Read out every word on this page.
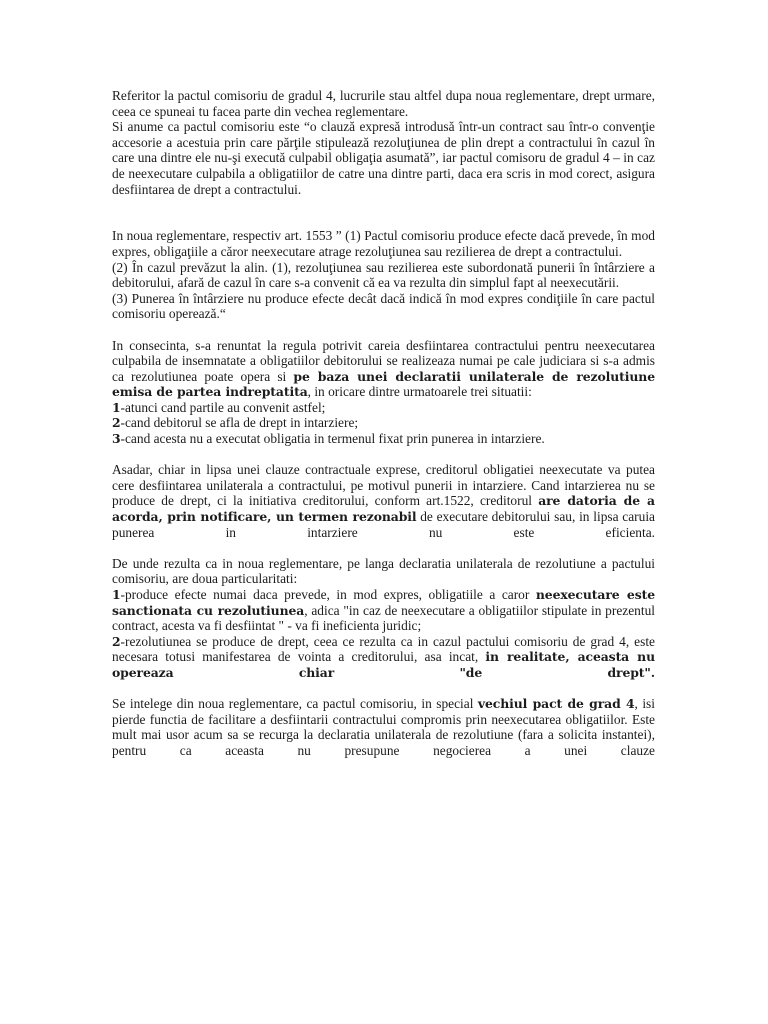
Referitor la pactul comisoriu de gradul 4, lucrurile stau altfel dupa noua reglementare, drept urmare, ceea ce spuneai tu facea parte din vechea reglementare.
Si anume ca pactul comisoriu este “o clauză expresă introdusă într-un contract sau într-o convenţie accesorie a acestuia prin care părţile stipulează rezoluţiunea de plin drept a contractului în cazul în care una dintre ele nu-şi execută culpabil obligaţia asumată”, iar pactul comisoru de gradul 4 – in caz de neexecutare culpabila a obligatiilor de catre una dintre parti, daca era scris in mod corect, asigura desfiintarea de drept a contractului.

In noua reglementare, respectiv art. 1553 ” (1) Pactul comisoriu produce efecte dacă prevede, în mod expres, obligaţiile a căror neexecutare atrage rezoluţiunea sau rezilierea de drept a contractului.
(2) În cazul prevăzut la alin. (1), rezoluţiunea sau rezilierea este subordonată punerii în întârziere a debitorului, afară de cazul în care s-a convenit că ea va rezulta din simplul fapt al neexecutării.
(3) Punerea în întârziere nu produce efecte decât dacă indică în mod expres condiţiile în care pactul comisoriu operează.“

In consecinta, s-a renuntat la regula potrivit careia desfiintarea contractului pentru neexecutarea culpabila de insemnatate a obligatiilor debitorului se realizeaza numai pe cale judiciara si s-a admis ca rezolutiunea poate opera si pe baza unei declaratii unilaterale de rezolutiune emisa de partea indreptatita, in oricare dintre urmatoarele trei situatii:
1-atunci cand partile au convenit astfel;
2-cand debitorul se afla de drept in intarziere;
3-cand acesta nu a executat obligatia in termenul fixat prin punerea in intarziere.

Asadar, chiar in lipsa unei clauze contractuale exprese, creditorul obligatiei neexecutate va putea cere desfiintarea unilaterala a contractului, pe motivul punerii in intarziere. Cand intarzierea nu se produce de drept, ci la initiativa creditorului, conform art.1522, creditorul are datoria de a acorda, prin notificare, un termen rezonabil de executare debitorului sau, in lipsa caruia punerea in intarziere nu este eficienta.

De unde rezulta ca in noua reglementare, pe langa declaratia unilaterala de rezolutiune a pactului comisoriu, are doua particularitati:
1-produce efecte numai daca prevede, in mod expres, obligatiile a caror neexecutare este sanctionata cu rezolutiunea, adica "in caz de neexecutare a obligatiilor stipulate in prezentul contract, acesta va fi desfiintat " - va fi ineficienta juridic;

2-rezolutiunea se produce de drept, ceea ce rezulta ca in cazul pactului comisoriu de grad 4, este necesara totusi manifestarea de vointa a creditorului, asa incat, in realitate, aceasta nu opereaza chiar "de drept".

Se intelege din noua reglementare, ca pactul comisoriu, in special vechiul pact de grad 4, isi pierde functia de facilitare a desfiintarii contractului compromis prin neexecutarea obligatiilor. Este mult mai usor acum sa se recurga la declaratia unilaterala de rezolutiune (fara a solicita instantei), pentru ca aceasta nu presupune negocierea a unei clauze
